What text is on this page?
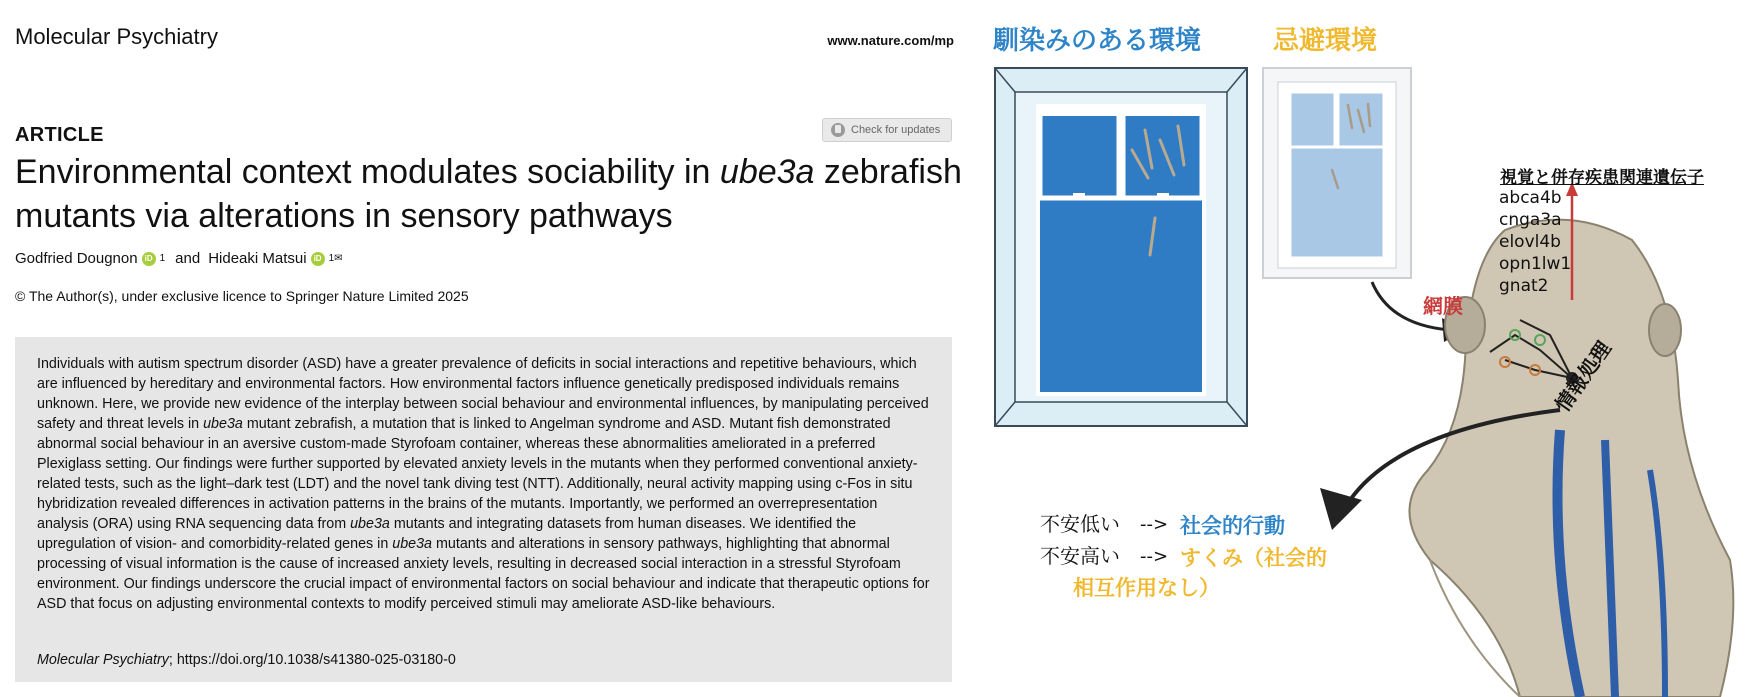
Molecular Psychiatry	www.nature.com/mp
Check for updates
ARTICLE
Environmental context modulates sociability in ube3a zebrafish mutants via alterations in sensory pathways
Godfried Dougnon iD 1 and Hideaki Matsui iD 1✉
© The Author(s), under exclusive licence to Springer Nature Limited 2025
Individuals with autism spectrum disorder (ASD) have a greater prevalence of deficits in social interactions and repetitive behaviours, which are influenced by hereditary and environmental factors. How environmental factors influence genetically predisposed individuals remains unknown. Here, we provide new evidence of the interplay between social behaviour and environmental influences, by manipulating perceived safety and threat levels in ube3a mutant zebrafish, a mutation that is linked to Angelman syndrome and ASD. Mutant fish demonstrated abnormal social behaviour in an aversive custom-made Styrofoam container, whereas these abnormalities ameliorated in a preferred Plexiglass setting. Our findings were further supported by elevated anxiety levels in the mutants when they performed conventional anxiety-related tests, such as the light–dark test (LDT) and the novel tank diving test (NTT). Additionally, neural activity mapping using c-Fos in situ hybridization revealed differences in activation patterns in the brains of the mutants. Importantly, we performed an overrepresentation analysis (ORA) using RNA sequencing data from ube3a mutants and integrating datasets from human diseases. We identified the upregulation of vision- and comorbidity-related genes in ube3a mutants and alterations in sensory pathways, highlighting that abnormal processing of visual information is the cause of increased anxiety levels, resulting in decreased social interaction in a stressful Styrofoam environment. Our findings underscore the crucial impact of environmental factors on social behaviour and indicate that therapeutic options for ASD that focus on adjusting environmental contexts to modify perceived stimuli may ameliorate ASD-like behaviours.
Molecular Psychiatry; https://doi.org/10.1038/s41380-025-03180-0
馴染みのある環境	忌避環境
視覚と併存疾患関連遺伝子
abca4b
cnga3a
elovl4b
opn1lw1
gnat2
網膜
情報処理
不安低い
不安高い
-->
-->
社会的行動
すくみ（社会的
相互作用なし）
